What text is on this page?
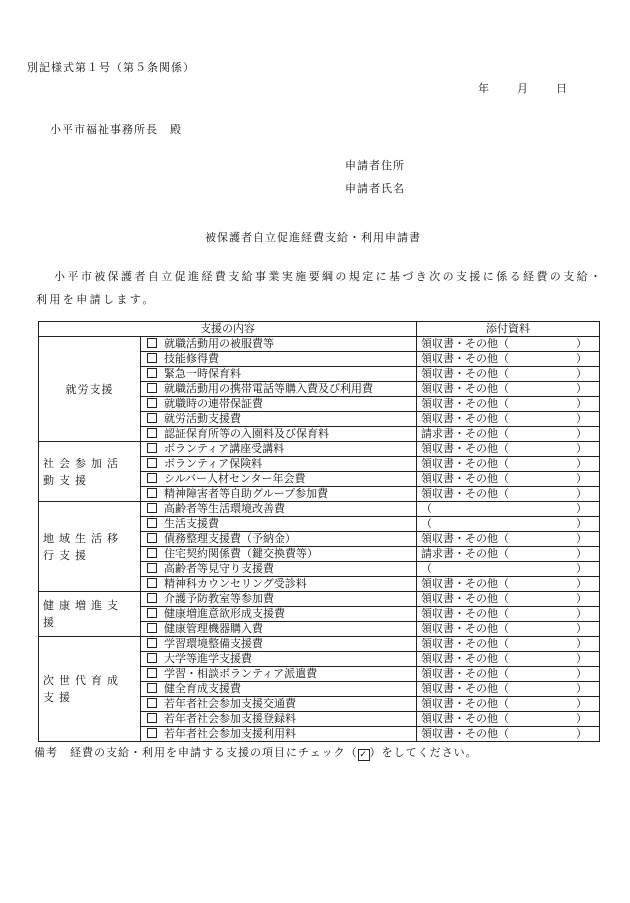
別記様式第１号（第５条関係）
年	月	日
小平市福祉事務所長　殿
申請者住所
申請者氏名
被保護者自立促進経費支給・利用申請書
小平市被保護者自立促進経費支給事業実施要綱の規定に基づき次の支援に係る経費の支給・利用を申請します。
支援の内容		添付資料
就労支援	就職活動用の被服費等	領収書・その他（ ）

	技能修得費	領収書・その他（ ）

	緊急一時保育料	領収書・その他（ ）

	就職活動用の携帯電話等購入費及び利用費	領収書・その他（ ）

	就職時の連帯保証費	領収書・その他（ ）

	就労活動支援費	領収書・その他（ ）

	認証保育所等の入園料及び保育料	請求書・その他（ ）

社会参加活動支援	ボランティア講座受講料	領収書・その他（ ）

	ボランティア保険料	領収書・その他（ ）

	シルバー人材センター年会費	領収書・その他（ ）

	精神障害者等自助グループ参加費	領収書・その他（ ）

地域生活移行支援	高齢者等生活環境改善費	（ ）

	生活支援費	（ ）

	債務整理支援費（予納金）	領収書・その他（ ）

	住宅契約関係費（鍵交換費等）	請求書・その他（ ）

	高齢者等見守り支援費	（ ）

	精神科カウンセリング受診料	領収書・その他（ ）

健康増進支援	介護予防教室等参加費	領収書・その他（ ）

	健康増進意欲形成支援費	領収書・その他（ ）

	健康管理機器購入費	領収書・その他（ ）

次世代育成支援	学習環境整備支援費	領収書・その他（ ）

	大学等進学支援費	領収書・その他（ ）

	学習・相談ボランティア派遣費	領収書・その他（ ）

	健全育成支援費	領収書・その他（ ）

	若年者社会参加支援交通費	領収書・その他（ ）

	若年者社会参加支援登録料	領収書・その他（ ）

	若年者社会参加支援利用料	領収書・その他（ ）
備考　経費の支給・利用を申請する支援の項目にチェック（ ✓ ）をしてください。
